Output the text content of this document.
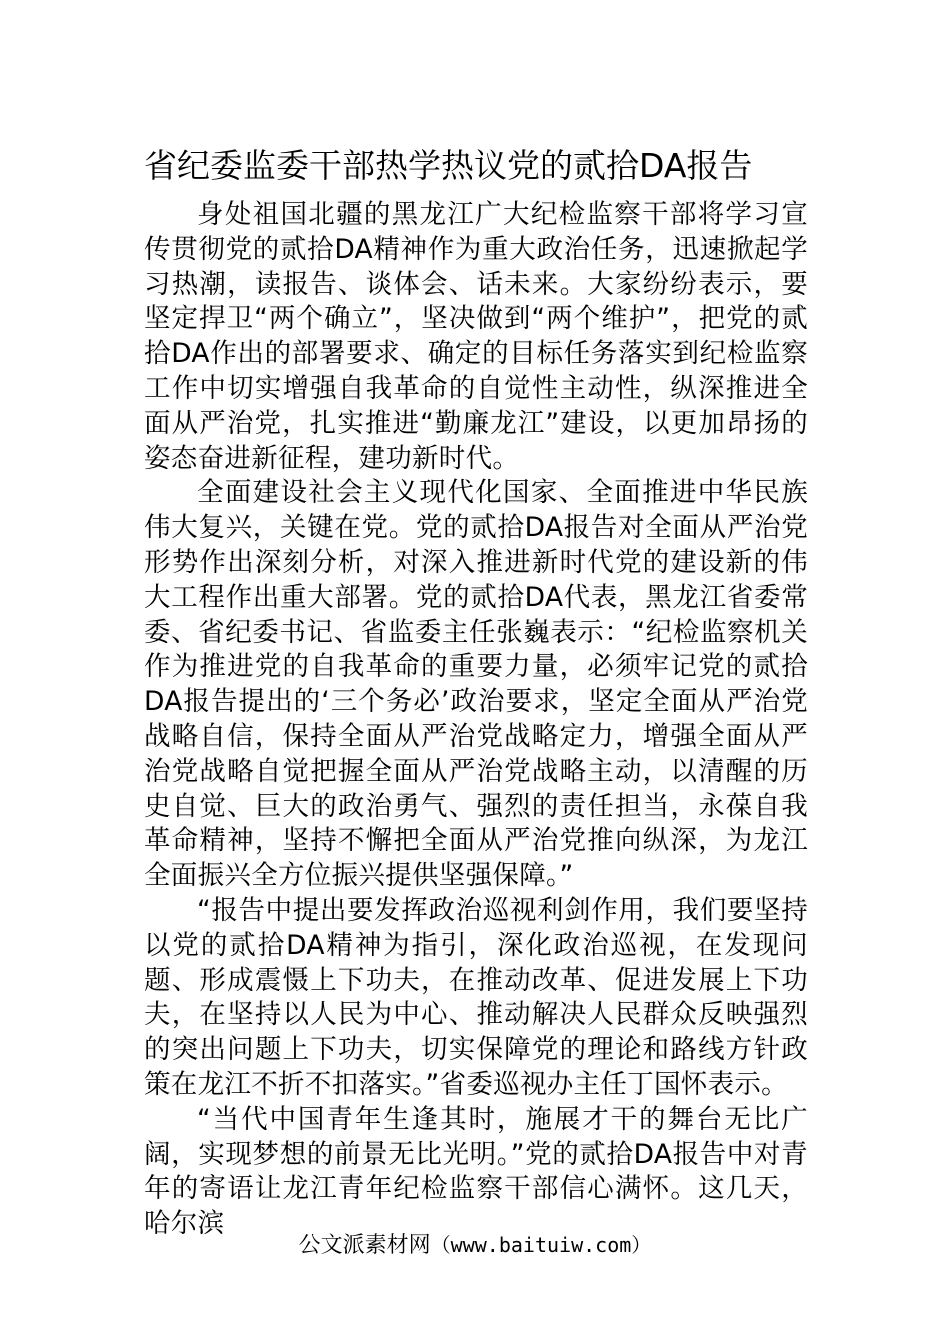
省纪委监委干部热学热议党的贰拾DA报告

身处祖国北疆的黑龙江广大纪检监察干部将学习宣传贯彻党的贰拾DA精神作为重大政治任务，迅速掀起学习热潮，读报告、谈体会、话未来。大家纷纷表示，要坚定捍卫“两个确立”，坚决做到“两个维护”，把党的贰拾DA作出的部署要求、确定的目标任务落实到纪检监察工作中切实增强自我革命的自觉性主动性，纵深推进全面从严治党，扎实推进“勤廉龙江”建设，以更加昂扬的姿态奋进新征程，建功新时代。

全面建设社会主义现代化国家、全面推进中华民族伟大复兴，关键在党。党的贰拾DA报告对全面从严治党形势作出深刻分析，对深入推进新时代党的建设新的伟大工程作出重大部署。党的贰拾DA代表，黑龙江省委常委、省纪委书记、省监委主任张巍表示：“纪检监察机关作为推进党的自我革命的重要力量，必须牢记党的贰拾DA报告提出的‘三个务必’政治要求，坚定全面从严治党战略自信，保持全面从严治党战略定力，增强全面从严治党战略自觉把握全面从严治党战略主动，以清醒的历史自觉、巨大的政治勇气、强烈的责任担当，永葆自我革命精神，坚持不懈把全面从严治党推向纵深，为龙江全面振兴全方位振兴提供坚强保障。”

“报告中提出要发挥政治巡视利剑作用，我们要坚持以党的贰拾DA精神为指引，深化政治巡视，在发现问题、形成震慑上下功夫，在推动改革、促进发展上下功夫，在坚持以人民为中心、推动解决人民群众反映强烈的突出问题上下功夫，切实保障党的理论和路线方针政策在龙江不折不扣落实。”省委巡视办主任丁国怀表示。

“当代中国青年生逢其时，施展才干的舞台无比广阔，实现梦想的前景无比光明。”党的贰拾DA报告中对青年的寄语让龙江青年纪检监察干部信心满怀。这几天，哈尔滨

公文派素材网（www.baituiw.com）
